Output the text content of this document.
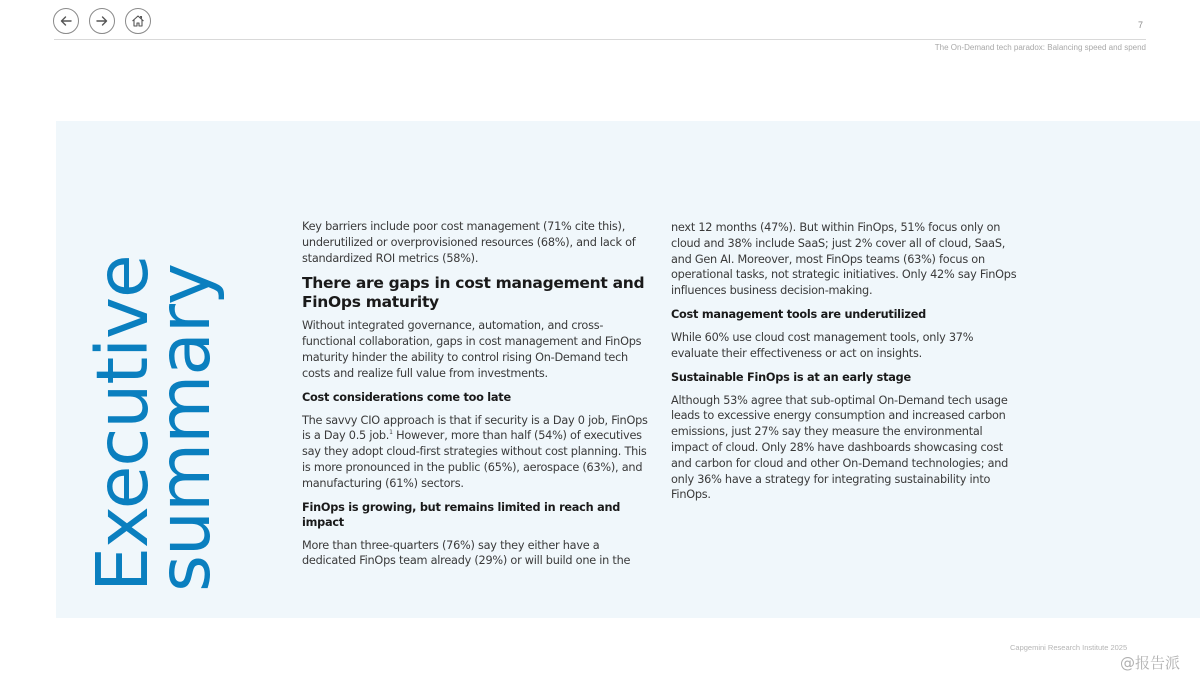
7
The On-Demand tech paradox: Balancing speed and spend
Executive
summary

Key barriers include poor cost management (71% cite this), underutilized or overprovisioned resources (68%), and lack of standardized ROI metrics (58%).

There are gaps in cost management and FinOps maturity

Without integrated governance, automation, and cross-functional collaboration, gaps in cost management and FinOps maturity hinder the ability to control rising On-Demand tech costs and realize full value from investments.

Cost considerations come too late

The savvy CIO approach is that if security is a Day 0 job, FinOps is a Day 0.5 job.$^1$ However, more than half (54%) of executives say they adopt cloud-first strategies without cost planning. This is more pronounced in the public (65%), aerospace (63%), and manufacturing (61%) sectors.

FinOps is growing, but remains limited in reach and impact

More than three-quarters (76%) say they either have a dedicated FinOps team already (29%) or will build one in the

next 12 months (47%). But within FinOps, 51% focus only on cloud and 38% include SaaS; just 2% cover all of cloud, SaaS, and Gen AI. Moreover, most FinOps teams (63%) focus on operational tasks, not strategic initiatives. Only 42% say FinOps influences business decision-making.

Cost management tools are underutilized

While 60% use cloud cost management tools, only 37% evaluate their effectiveness or act on insights.

Sustainable FinOps is at an early stage

Although 53% agree that sub-optimal On-Demand tech usage leads to excessive energy consumption and increased carbon emissions, just 27% say they measure the environmental impact of cloud. Only 28% have dashboards showcasing cost and carbon for cloud and other On-Demand technologies; and only 36% have a strategy for integrating sustainability into FinOps.

Capgemini Research Institute 2025
@报告派
